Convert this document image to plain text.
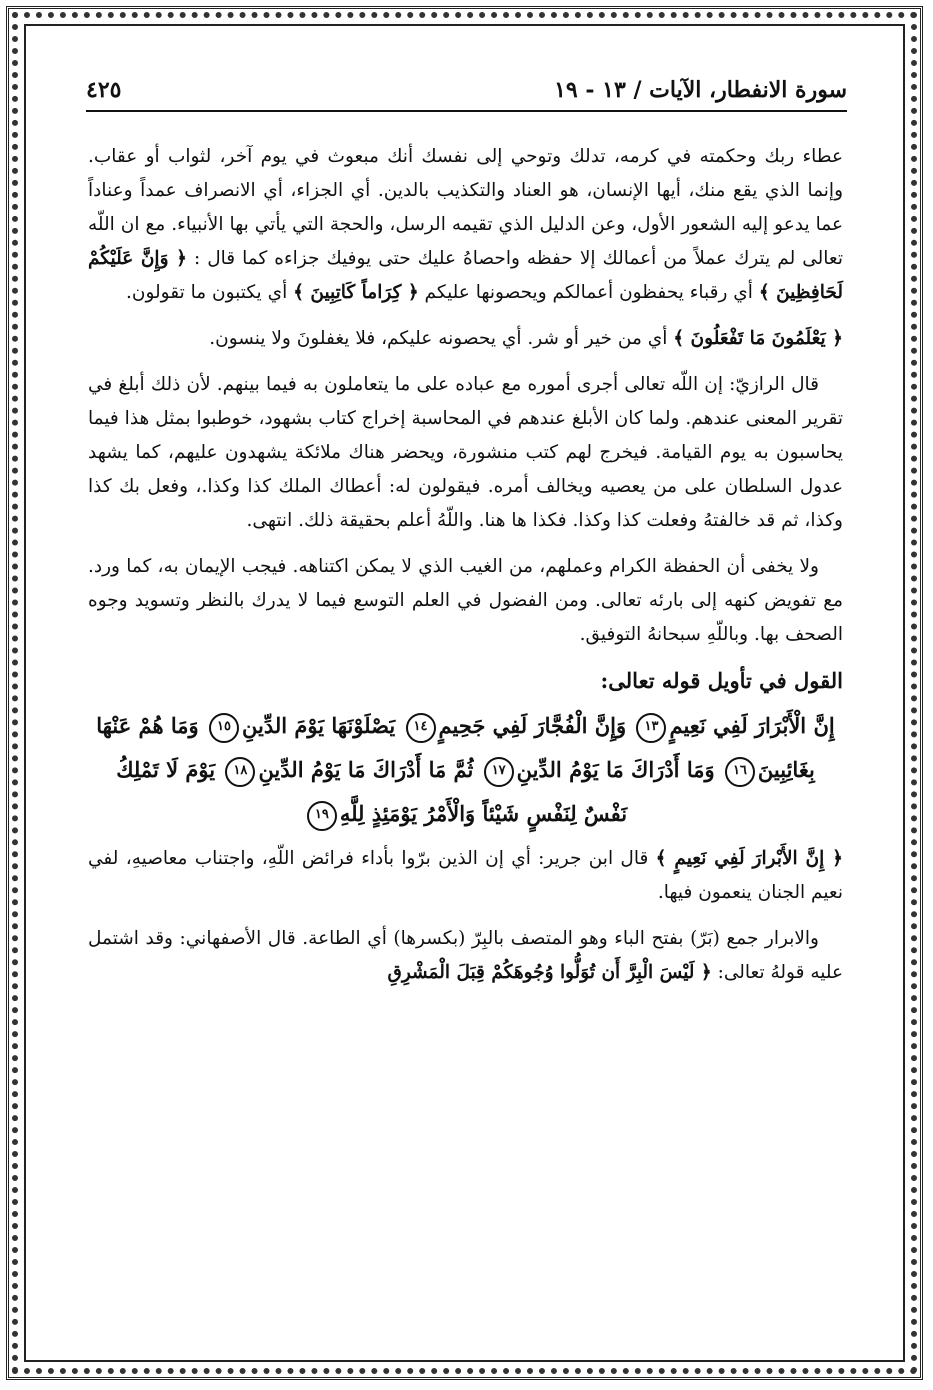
سورة الانفطار، الآيات / ١٣ - ١٩
٤٢٥

عطاء ربك وحكمته في كرمه، تدلك وتوحي إلى نفسك أنك مبعوث في يوم آخر، لثواب أو عقاب. وإنما الذي يقع منك، أيها الإنسان، هو العناد والتكذيب بالدين. أي الجزاء، أي الانصراف عمداً وعناداً عما يدعو إليه الشعور الأول، وعن الدليل الذي تقيمه الرسل، والحجة التي يأتي بها الأنبياء. مع ان اللّه تعالى لم يترك عملاً من أعمالك إلا حفظه واحصاهُ عليك حتى يوفيك جزاءه كما قال : ﴿ وَإِنَّ عَلَيْكُمْ لَحَافِظِينَ ﴾ أي رقباء يحفظون أعمالكم ويحصونها عليكم ﴿ كِرَاماً كَاتِبِينَ ﴾ أي يكتبون ما تقولون.

﴿ يَعْلَمُونَ مَا تَفْعَلُونَ ﴾ أي من خير أو شر. أي يحصونه عليكم، فلا يغفلونَ ولا ينسون.

قال الرازيّ: إن اللّه تعالى أجرى أموره مع عباده على ما يتعاملون به فيما بينهم. لأن ذلك أبلغ في تقرير المعنى عندهم. ولما كان الأبلغ عندهم في المحاسبة إخراج كتاب بشهود، خوطبوا بمثل هذا فيما يحاسبون به يوم القيامة. فيخرج لهم كتب منشورة، ويحضر هناك ملائكة يشهدون عليهم، كما يشهد عدول السلطان على من يعصيه ويخالف أمره. فيقولون له: أعطاك الملك كذا وكذا.، وفعل بك كذا وكذا، ثم قد خالفتهُ وفعلت كذا وكذا. فكذا ها هنا. واللّهُ أعلم بحقيقة ذلك. انتهى.

ولا يخفى أن الحفظة الكرام وعملهم، من الغيب الذي لا يمكن اكتناهه. فيجب الإيمان به، كما ورد. مع تفويض كنهه إلى بارئه تعالى. ومن الفضول في العلم التوسع فيما لا يدرك بالنظر وتسويد وجوه الصحف بها. وباللّهِ سبحانهُ التوفيق.

القول في تأويل قوله تعالى:
إِنَّ الْأَبْرَارَ لَفِي نَعِيمٍ١٣ وَإِنَّ الْفُجَّارَ لَفِي جَحِيمٍ١٤ يَصْلَوْنَهَا يَوْمَ الدِّينِ١٥ وَمَا هُمْ عَنْهَا بِغَائِبِينَ١٦ وَمَا أَدْرَاكَ مَا يَوْمُ الدِّينِ١٧ ثُمَّ مَا أَدْرَاكَ مَا يَوْمُ الدِّينِ١٨ يَوْمَ لَا تَمْلِكُ نَفْسٌ لِنَفْسٍ شَيْئاً وَالْأَمْرُ يَوْمَئِذٍ لِلَّهِ١٩

﴿ إِنَّ الأَبْرارَ لَفِي نَعِيمٍ ﴾ قال ابن جرير: أي إن الذين برّوا بأداء فرائض اللّهِ، واجتناب معاصيهِ، لفي نعيم الجنان ينعمون فيها.

والابرار جمع (بَرّ) بفتح الباء وهو المتصف بالبِرّ (بكسرها) أي الطاعة. قال الأصفهاني: وقد اشتمل عليه قولهُ تعالى: ﴿ لَيْسَ الْبِرَّ أَن تُوَلُّوا وُجُوهَكُمْ قِبَلَ الْمَشْرِقِ
